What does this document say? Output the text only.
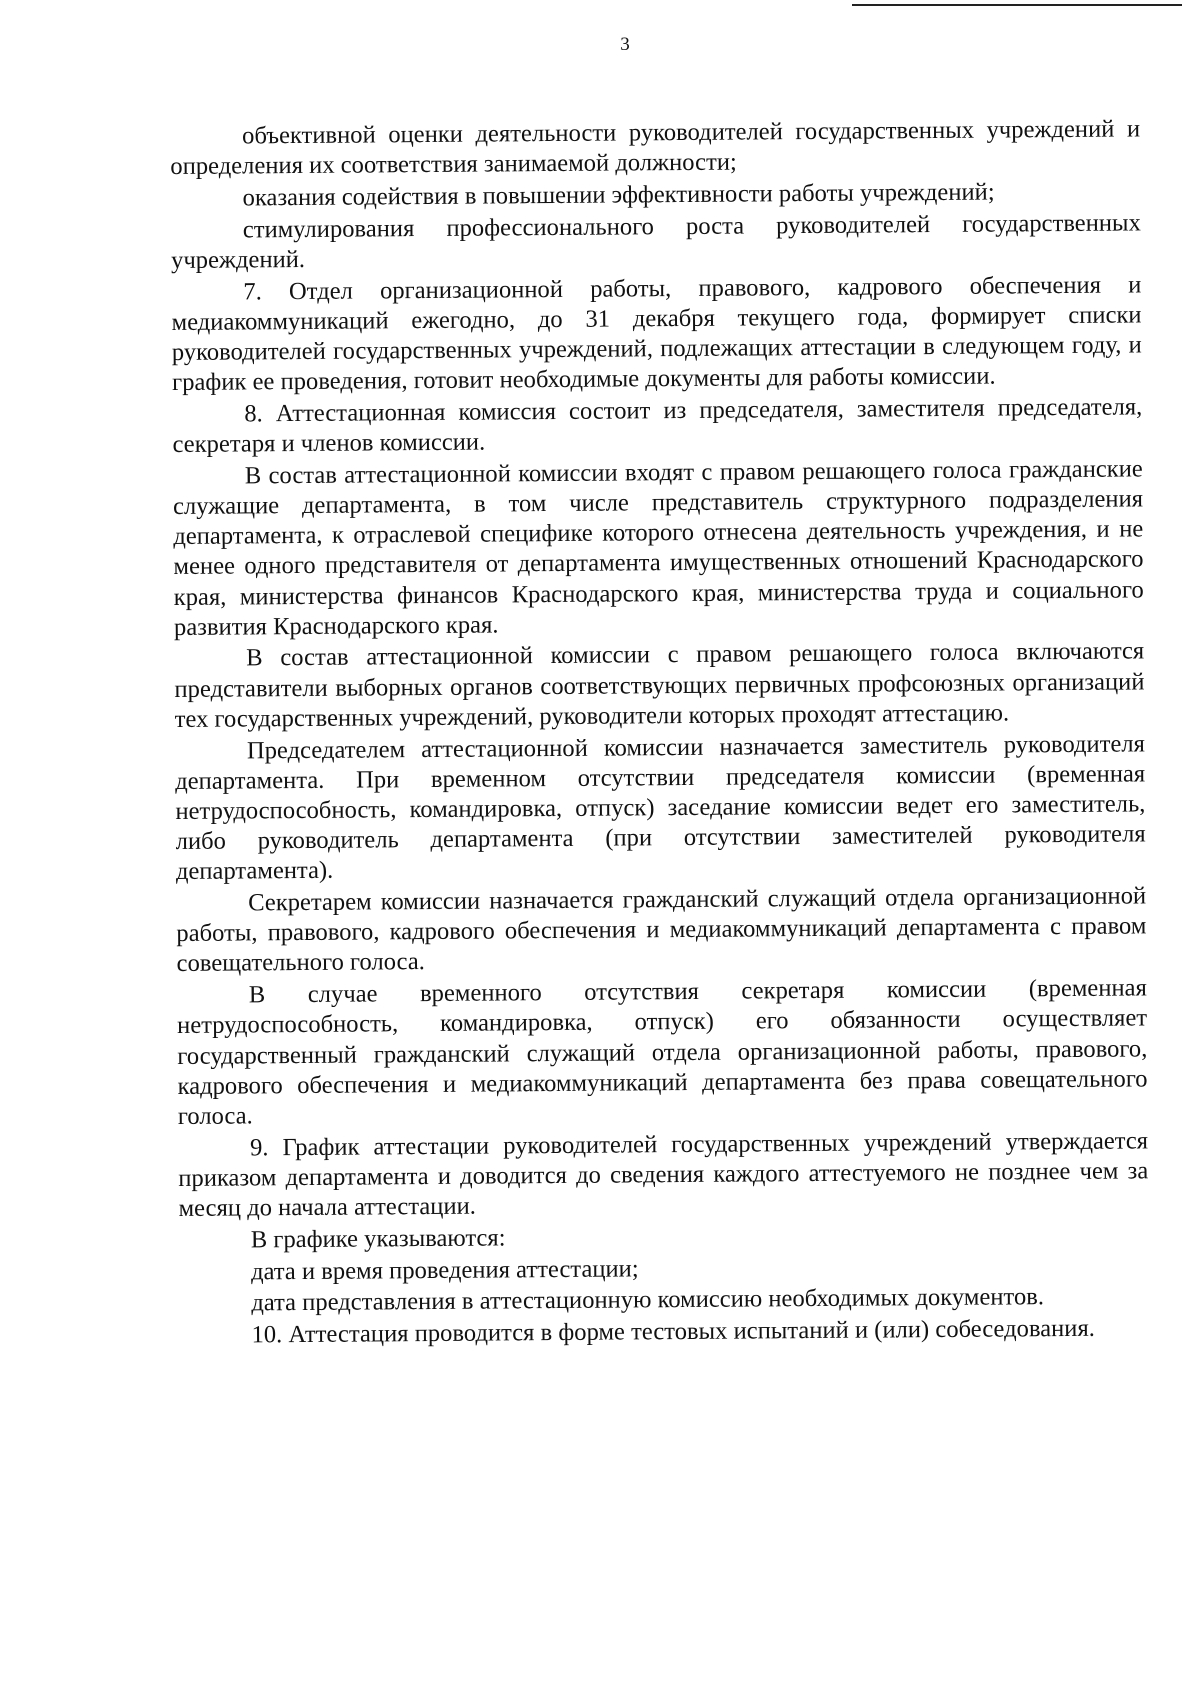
3

объективной оценки деятельности руководителей государственных учреждений и определения их соответствия занимаемой должности;

оказания содействия в повышении эффективности работы учреждений;

стимулирования профессионального роста руководителей государственных учреждений.

7. Отдел организационной работы, правового, кадрового обеспечения и медиакоммуникаций ежегодно, до 31 декабря текущего года, формирует списки руководителей государственных учреждений, подлежащих аттестации в следующем году, и график ее проведения, готовит необходимые документы для работы комиссии.

8. Аттестационная комиссия состоит из председателя, заместителя председателя, секретаря и членов комиссии.

В состав аттестационной комиссии входят с правом решающего голоса гражданские служащие департамента, в том числе представитель структурного подразделения департамента, к отраслевой специфике которого отнесена деятельность учреждения, и не менее одного представителя от департамента имущественных отношений Краснодарского края, министерства финансов Краснодарского края, министерства труда и социального развития Краснодарского края.

В состав аттестационной комиссии с правом решающего голоса включаются представители выборных органов соответствующих первичных профсоюзных организаций тех государственных учреждений, руководители которых проходят аттестацию.

Председателем аттестационной комиссии назначается заместитель руководителя департамента. При временном отсутствии председателя комиссии (временная нетрудоспособность, командировка, отпуск) заседание комиссии ведет его заместитель, либо руководитель департамента (при отсутствии заместителей руководителя департамента).

Секретарем комиссии назначается гражданский служащий отдела организационной работы, правового, кадрового обеспечения и медиакоммуникаций департамента с правом совещательного голоса.

В случае временного отсутствия секретаря комиссии (временная нетрудоспособность, командировка, отпуск) его обязанности осуществляет государственный гражданский служащий отдела организационной работы, правового, кадрового обеспечения и медиакоммуникаций департамента без права совещательного голоса.

9. График аттестации руководителей государственных учреждений утверждается приказом департамента и доводится до сведения каждого аттестуемого не позднее чем за месяц до начала аттестации.

В графике указываются:

дата и время проведения аттестации;

дата представления в аттестационную комиссию необходимых документов.

10. Аттестация проводится в форме тестовых испытаний и (или) собеседования.
